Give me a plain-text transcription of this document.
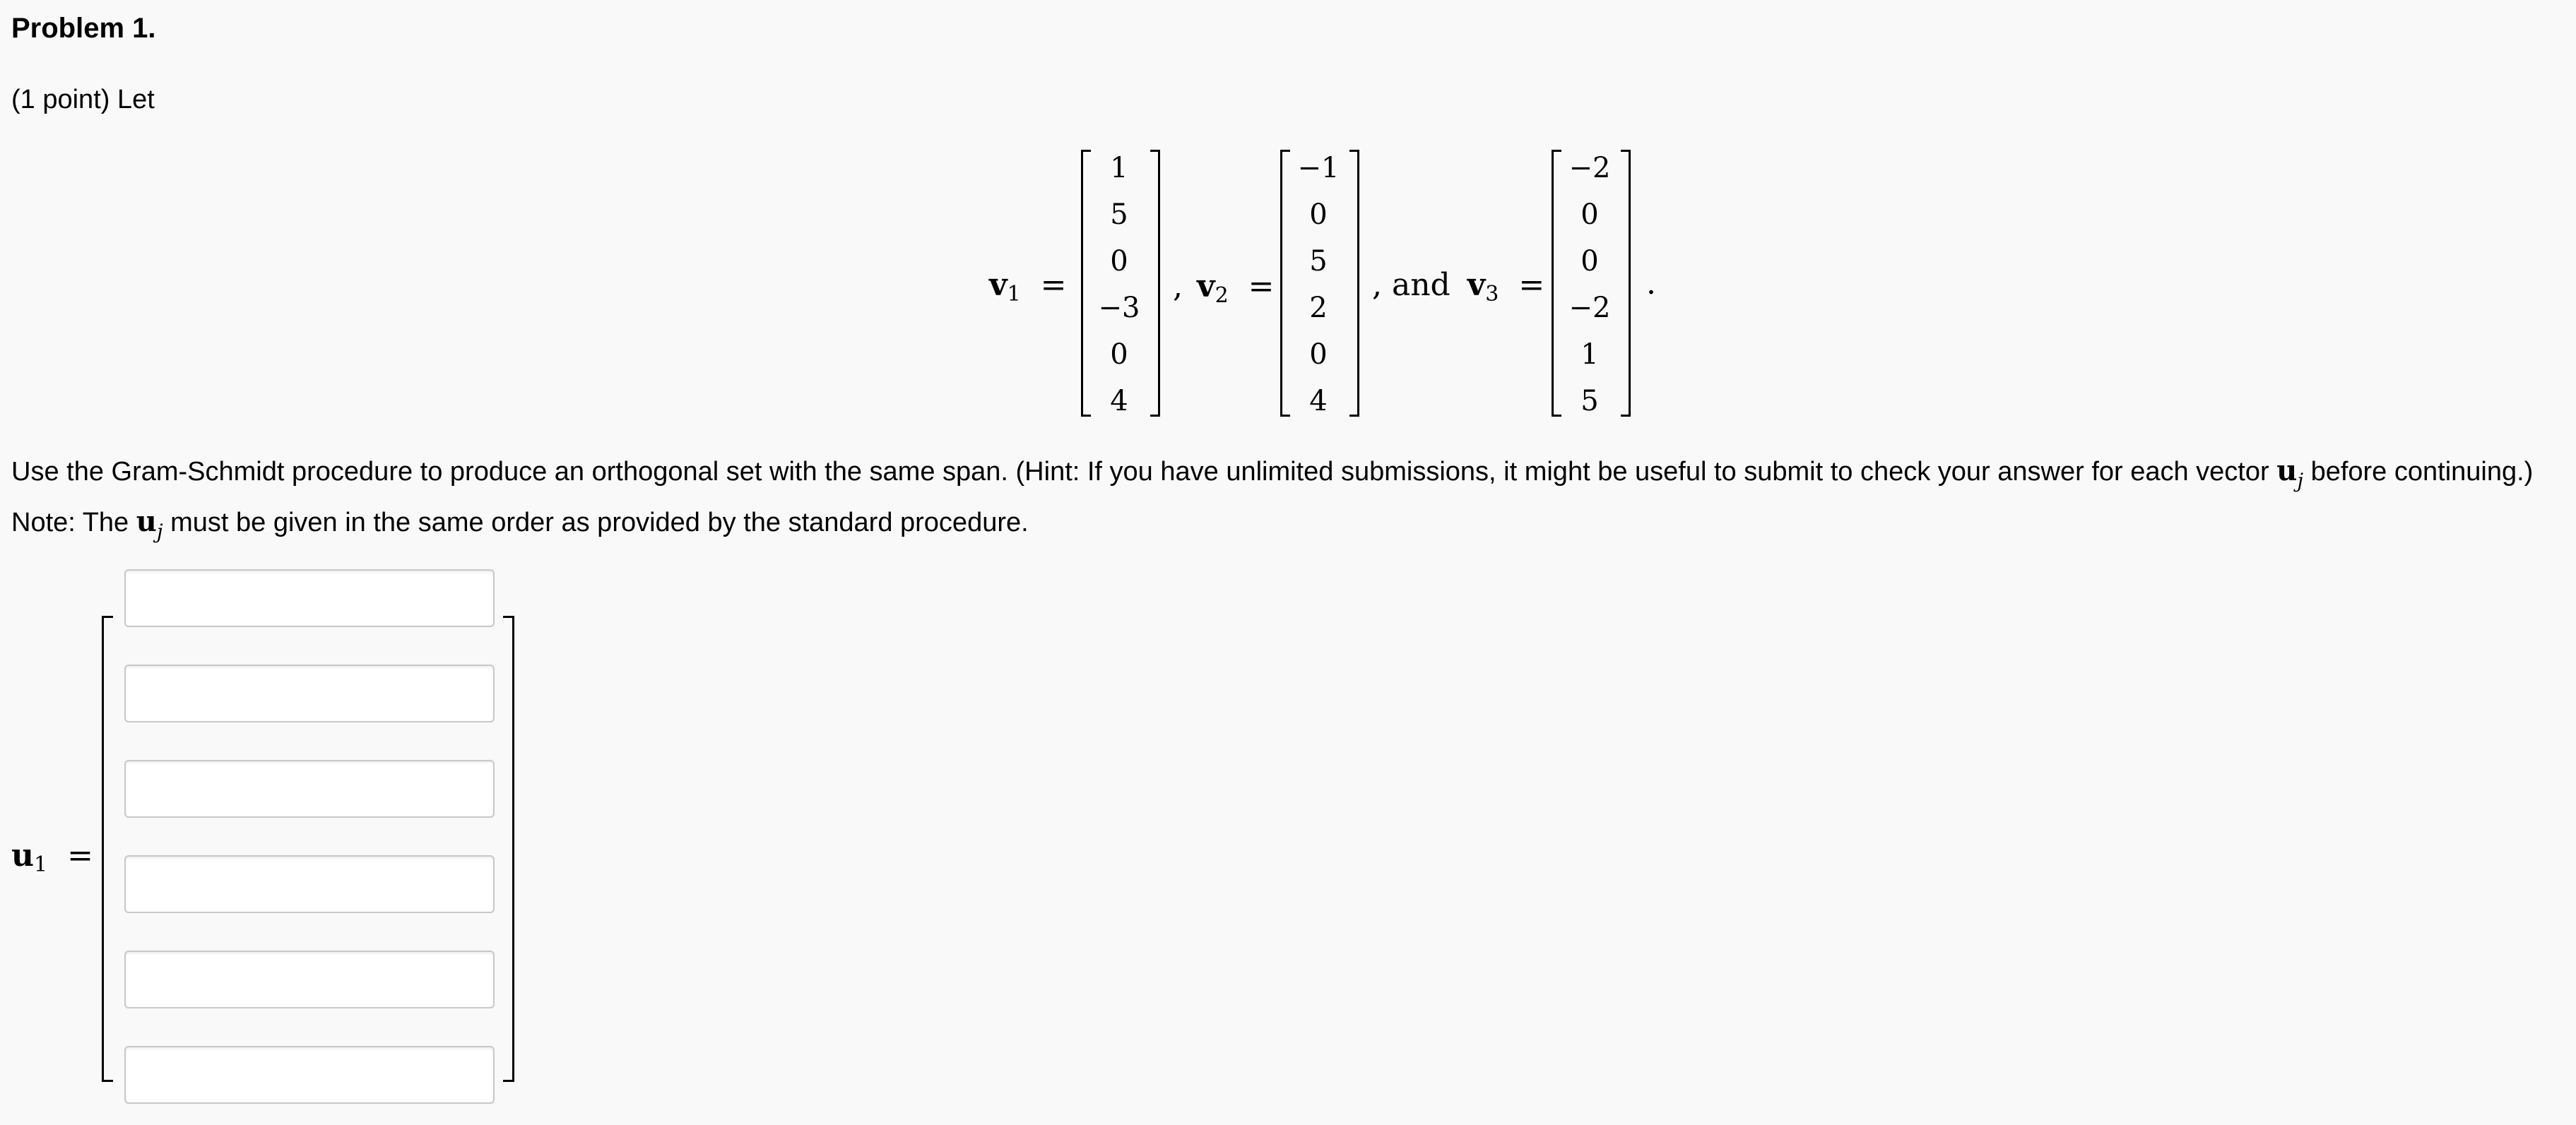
Problem 1.
(1 point) Let
$v_1$ =
1
5
0
−3
0
4
, $v_2$ =
−1
0
5
2
0
4
, and $v_3$ =
−2
0
0
−2
1
5
.
Use the Gram-Schmidt procedure to produce an orthogonal set with the same span. (Hint: If you have unlimited submissions, it might be useful to submit to check your answer for each vector $u_j$ before continuing.) Note: The $u_j$ must be given in the same order as provided by the standard procedure.
$u_1$ =
